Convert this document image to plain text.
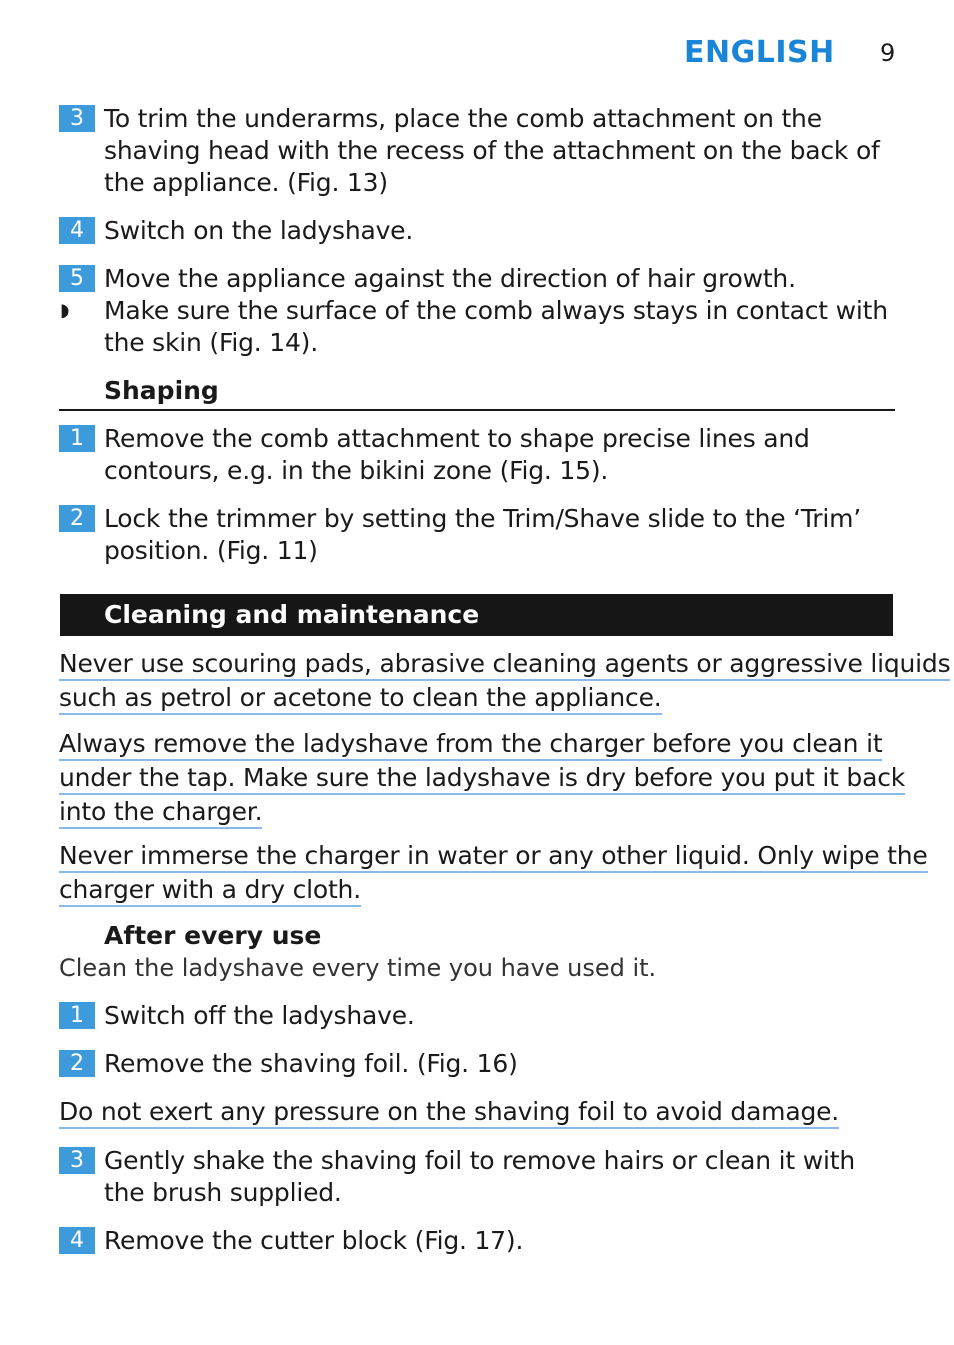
ENGLISH 9
3 To trim the underarms, place the comb attachment on the shaving head with the recess of the attachment on the back of the appliance. (Fig. 13)
4 Switch on the ladyshave.
5 Move the appliance against the direction of hair growth.
◗ Make sure the surface of the comb always stays in contact with the skin (Fig. 14).
Shaping
1 Remove the comb attachment to shape precise lines and contours, e.g. in the bikini zone (Fig. 15).
2 Lock the trimmer by setting the Trim/Shave slide to the ‘Trim’ position. (Fig. 11)
Cleaning and maintenance
Never use scouring pads, abrasive cleaning agents or aggressive liquids
such as petrol or acetone to clean the appliance.
Always remove the ladyshave from the charger before you clean it
under the tap. Make sure the ladyshave is dry before you put it back
into the charger.
Never immerse the charger in water or any other liquid. Only wipe the
charger with a dry cloth.
After every use
Clean the ladyshave every time you have used it.
1 Switch off the ladyshave.
2 Remove the shaving foil. (Fig. 16)
Do not exert any pressure on the shaving foil to avoid damage.
3 Gently shake the shaving foil to remove hairs or clean it with the brush supplied.
4 Remove the cutter block (Fig. 17).
